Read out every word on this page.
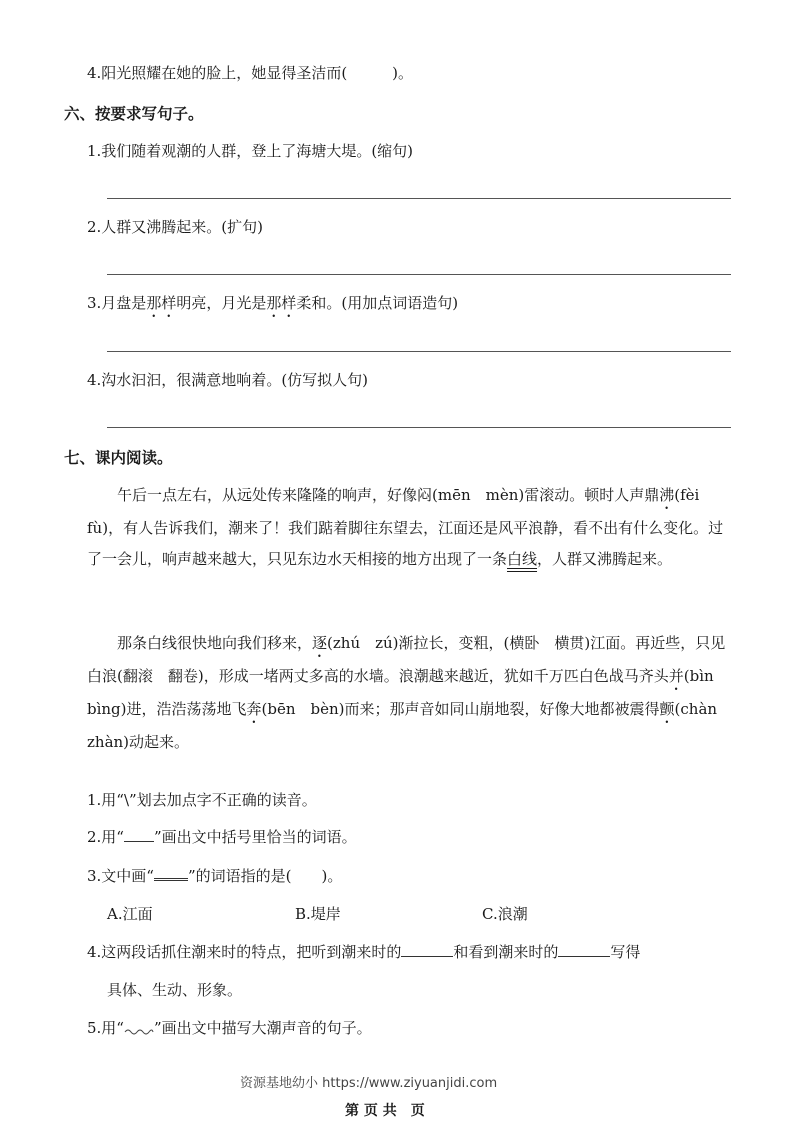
4.阳光照耀在她的脸上，她显得圣洁而(　　　)。
六、按要求写句子。
1.我们随着观潮的人群，登上了海塘大堤。(缩句)
2.人群又沸腾起来。(扩句)
3.月盘是那样明亮，月光是那样柔和。(用加点词语造句)
4.沟水汩汩，很满意地响着。(仿写拟人句)
七、课内阅读。
午后一点左右，从远处传来隆隆的响声，好像闷(mēn　mèn)雷滚动。顿时人声鼎沸(fèi　fù)，有人告诉我们，潮来了！我们踮着脚往东望去，江面还是风平浪静，看不出有什么变化。过了一会儿，响声越来越大，只见东边水天相接的地方出现了一条白线，人群又沸腾起来。
那条白线很快地向我们移来，逐(zhú　zú)渐拉长，变粗，(横卧　横贯)江面。再近些，只见白浪(翻滚　翻卷)，形成一堵两丈多高的水墙。浪潮越来越近，犹如千万匹白色战马齐头并(bìn　bìng)进，浩浩荡荡地飞奔(bēn　bèn)而来；那声音如同山崩地裂，好像大地都被震得颤(chàn　zhàn)动起来。
1.用“\”划去加点字不正确的读音。
2.用“ ”画出文中括号里恰当的词语。
3.文中画“ ”的词语指的是(　　)。
A.江面	B.堤岸	C.浪潮
4.这两段话抓住潮来时的特点，把听到潮来时的	和看到潮来时的	写得
具体、生动、形象。
5.用“ ”画出文中描写大潮声音的句子。
资源基地幼小 https://www.ziyuanjidi.com
第 页 共　页
